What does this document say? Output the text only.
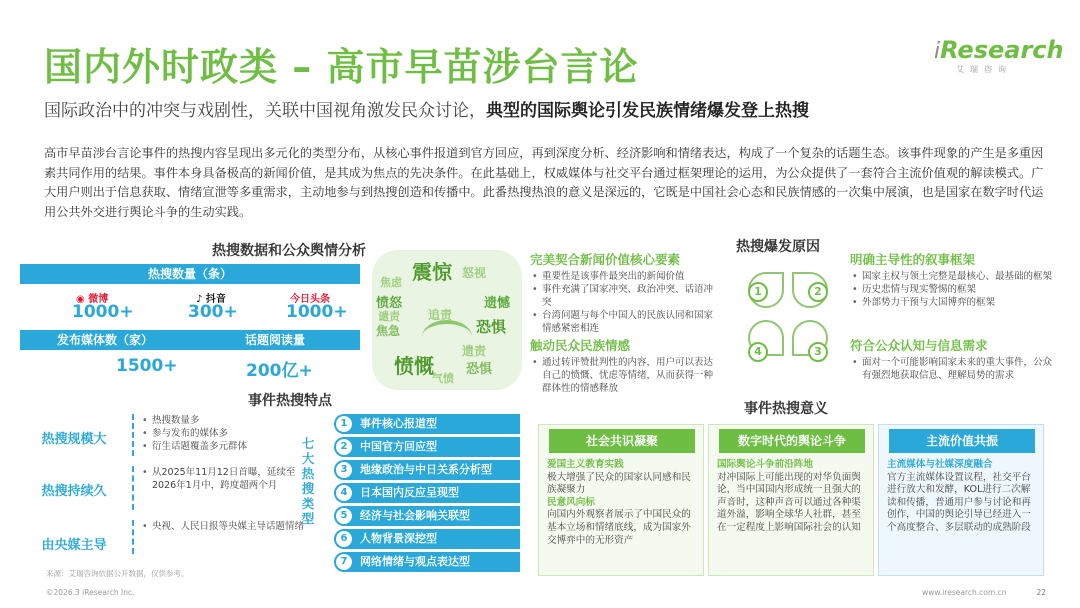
国内外时政类 – 高市早苗涉台言论	iResearch
艾瑞咨询
国际政治中的冲突与戏剧性，关联中国视角激发民众讨论，典型的国际舆论引发民族情绪爆发登上热搜
高市早苗涉台言论事件的热搜内容呈现出多元化的类型分布，从核心事件报道到官方回应，再到深度分析、经济影响和情绪表达，构成了一个复杂的话题生态。该事件现象的产生是多重因素共同作用的结果。事件本身具备极高的新闻价值，是其成为焦点的先决条件。在此基础上，权威媒体与社交平台通过框架理论的运用，为公众提供了一套符合主流价值观的解读模式。广大用户则出于信息获取、情绪宣泄等多重需求，主动地参与到热搜创造和传播中。此番热搜热浪的意义是深远的，它既是中国社会心态和民族情感的一次集中展演，也是国家在数字时代运用公共外交进行舆论斗争的生动实践。
热搜数据和公众舆情分析
热搜数量（条）
◉ 微博	♪ 抖音	今日头条
1000+	300+	1000+
发布媒体数（家）	话题阅读量
1500+	200亿+
震惊 怒视
焦虑
愤怒	遗憾
追责
恐惧
愤慨
焦急
谴责
遗责
恐惧
气愤
热搜爆发原因
完美契合新闻价值核心要素
• 重要性是该事件最突出的新闻价值
• 事件充满了国家冲突、政治冲突、话语冲突
• 台湾问题与每个中国人的民族认同和国家情感紧密相连
触动民众民族情感
• 通过转评赞批判性的内容，用户可以表达自己的愤慨、忧虑等情绪，从而获得一种群体性的情感释放
明确主导性的叙事框架
• 国家主权与领土完整是最核心、最基础的框架
• 历史悲情与现实警惕的框架
• 外部势力干预与大国博弈的框架
符合公众认知与信息需求
• 面对一个可能影响国家未来的重大事件，公众有强烈地获取信息、理解局势的需求
1	2
3
4
事件热搜特点
热搜规模大
• 热搜数量多
• 参与发布的媒体多
• 衍生话题覆盖多元群体
热搜持续久
• 从2025年11月12日首曝，延续至2026年1月中，跨度超两个月
由央媒主导
• 央视、人民日报等央媒主导话题情绪
七大热搜类型
1	事件核心报道型
2	中国官方回应型
3	地缘政治与中日关系分析型
4	日本国内反应呈现型
5	经济与社会影响关联型
6	人物背景深挖型
7	网络情绪与观点表达型
事件热搜意义
社会共识凝聚
爱国主义教育实践
极大增强了民众的国家认同感和民族凝聚力
民意风向标
向国内外观察者展示了中国民众的基本立场和情绪底线，成为国家外交博弈中的无形资产
数字时代的舆论斗争
国际舆论斗争前沿阵地
对冲国际上可能出现的对华负面舆论，当中国国内形成统一且强大的声音时，这种声音可以通过各种渠道外溢，影响全球华人社群，甚至在一定程度上影响国际社会的认知
主流价值共振
主流媒体与社媒深度融合
官方主流媒体设置议程，社交平台进行放大和发酵，KOL进行二次解读和传播，普通用户参与讨论和再创作，中国的舆论引导已经进入一个高度整合、多层联动的成熟阶段
来源：艾瑞咨询依据公开数据，仅供参考。
©2026.3 iResearch Inc.	www.iresearch.com.cn	22
